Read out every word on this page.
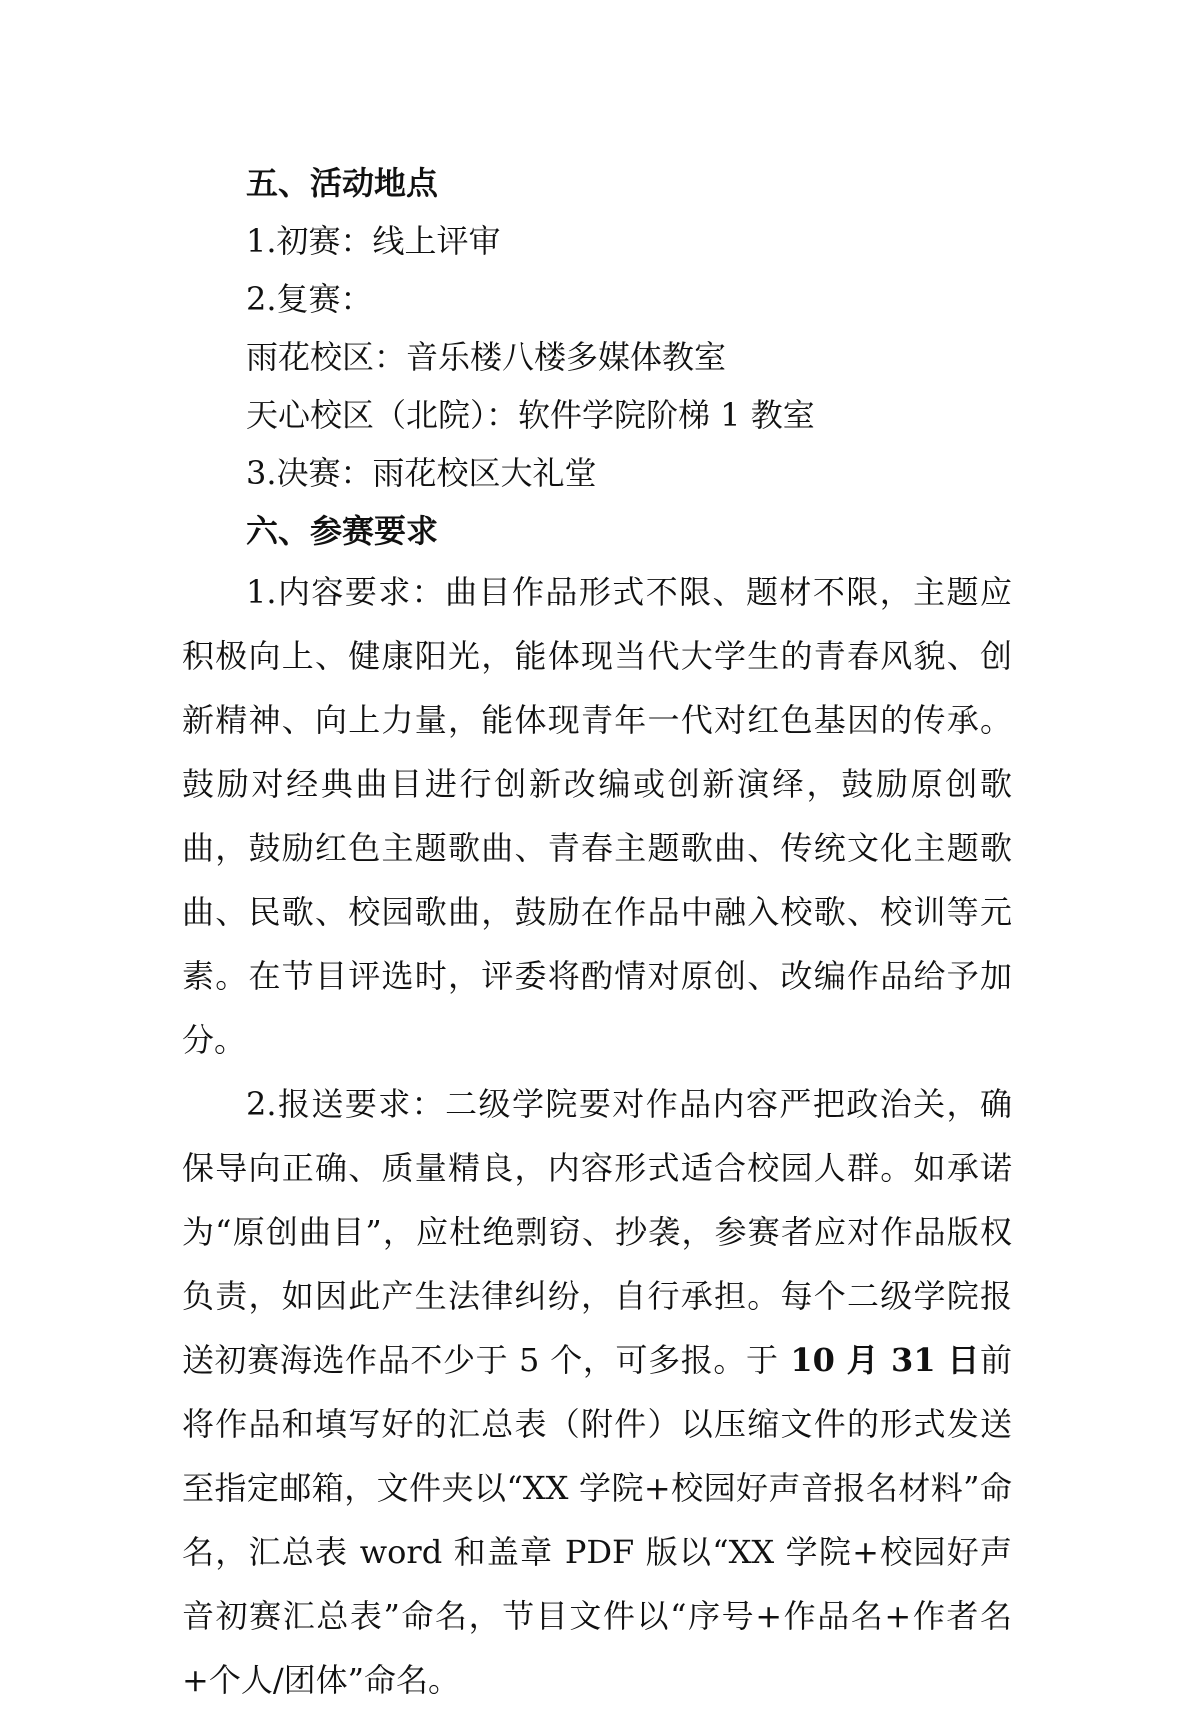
五、活动地点
1.初赛：线上评审
2.复赛：
雨花校区：音乐楼八楼多媒体教室
天心校区（北院）：软件学院阶梯 1 教室
3.决赛：雨花校区大礼堂
六、参赛要求

1.内容要求：曲目作品形式不限、题材不限，主题应积极向上、健康阳光，能体现当代大学生的青春风貌、创新精神、向上力量，能体现青年一代对红色基因的传承。鼓励对经典曲目进行创新改编或创新演绎，鼓励原创歌曲，鼓励红色主题歌曲、青春主题歌曲、传统文化主题歌曲、民歌、校园歌曲，鼓励在作品中融入校歌、校训等元素。在节目评选时，评委将酌情对原创、改编作品给予加分。

2.报送要求：二级学院要对作品内容严把政治关，确保导向正确、质量精良，内容形式适合校园人群。如承诺为“原创曲目”，应杜绝剽窃、抄袭，参赛者应对作品版权负责，如因此产生法律纠纷，自行承担。每个二级学院报送初赛海选作品不少于 5 个，可多报。于 10 月 31 日前将作品和填写好的汇总表（附件）以压缩文件的形式发送至指定邮箱，文件夹以“XX 学院+校园好声音报名材料”命名，汇总表 word 和盖章 PDF 版以“XX 学院+校园好声音初赛汇总表”命名，节目文件以“序号+作品名+作者名+个人/团体”命名。
